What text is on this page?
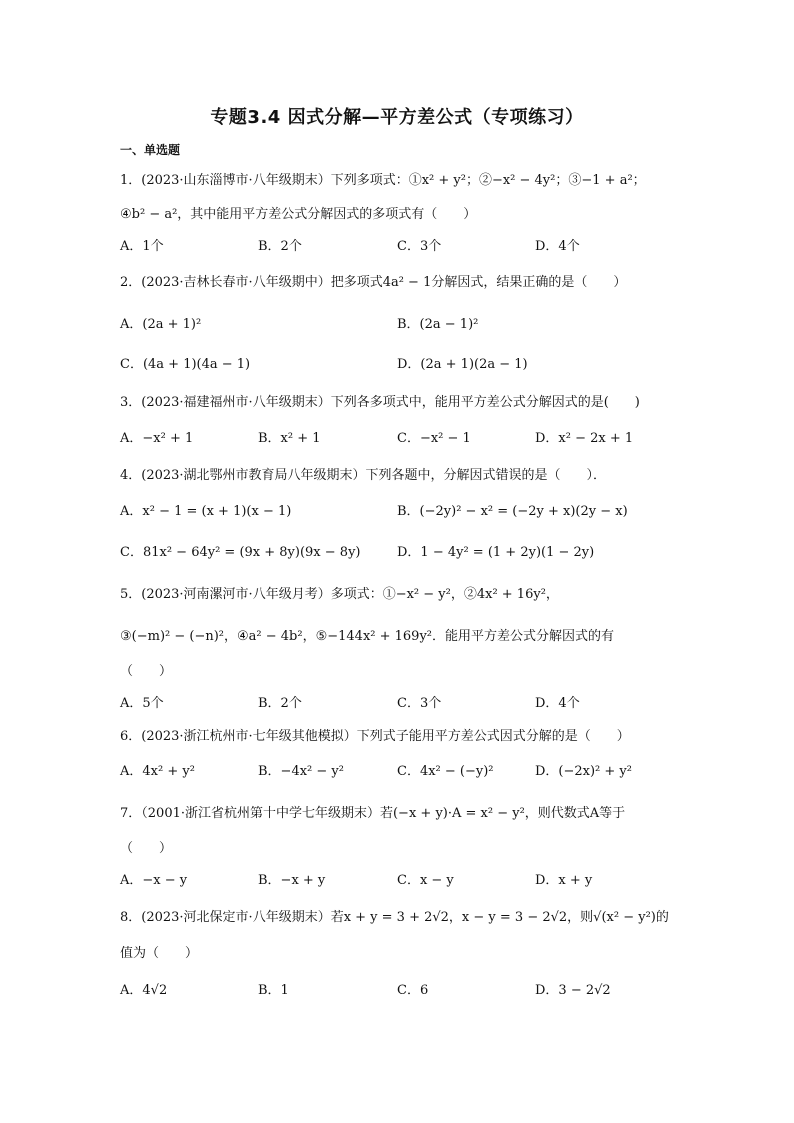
专题3.4 因式分解—平方差公式（专项练习）
一、单选题
1．(2023·山东淄博市·八年级期末）下列多项式：①x² + y²；②−x² − 4y²；③−1 + a²；
④b² − a²，其中能用平方差公式分解因式的多项式有（　　）
A．1个	B．2个	C．3个	D．4个
2．(2023·吉林长春市·八年级期中）把多项式4a² − 1分解因式，结果正确的是（　　）
A．(2a + 1)²	B．(2a − 1)²
C．(4a + 1)(4a − 1)	D．(2a + 1)(2a − 1)
3．(2023·福建福州市·八年级期末）下列各多项式中，能用平方差公式分解因式的是(　　)
A．−x² + 1	B．x² + 1	C．−x² − 1	D．x² − 2x + 1
4．(2023·湖北鄂州市教育局八年级期末）下列各题中，分解因式错误的是（　　）．
A．x² − 1 = (x + 1)(x − 1)	B．(−2y)² − x² = (−2y + x)(2y − x)
C．81x² − 64y² = (9x + 8y)(9x − 8y)	D．1 − 4y² = (1 + 2y)(1 − 2y)
5．(2023·河南漯河市·八年级月考）多项式：①−x² − y²，②4x² + 16y²，
③(−m)² − (−n)²，④a² − 4b²，⑤−144x² + 169y²．能用平方差公式分解因式的有
（　　）
A．5个	B．2个	C．3个	D．4个
6．(2023·浙江杭州市·七年级其他模拟）下列式子能用平方差公式因式分解的是（　　）
A．4x² + y²	B．−4x² − y²	C．4x² − (−y)²	D．(−2x)² + y²
7．（2001·浙江省杭州第十中学七年级期末）若(−x + y)·A = x² − y²，则代数式A等于
（　　）
A．−x − y	B．−x + y	C．x − y	D．x + y
8．(2023·河北保定市·八年级期末）若x + y = 3 + 2√2，x − y = 3 − 2√2，则√(x² − y²)的
值为（　　）
A．4√2	B．1	C．6	D．3 − 2√2
